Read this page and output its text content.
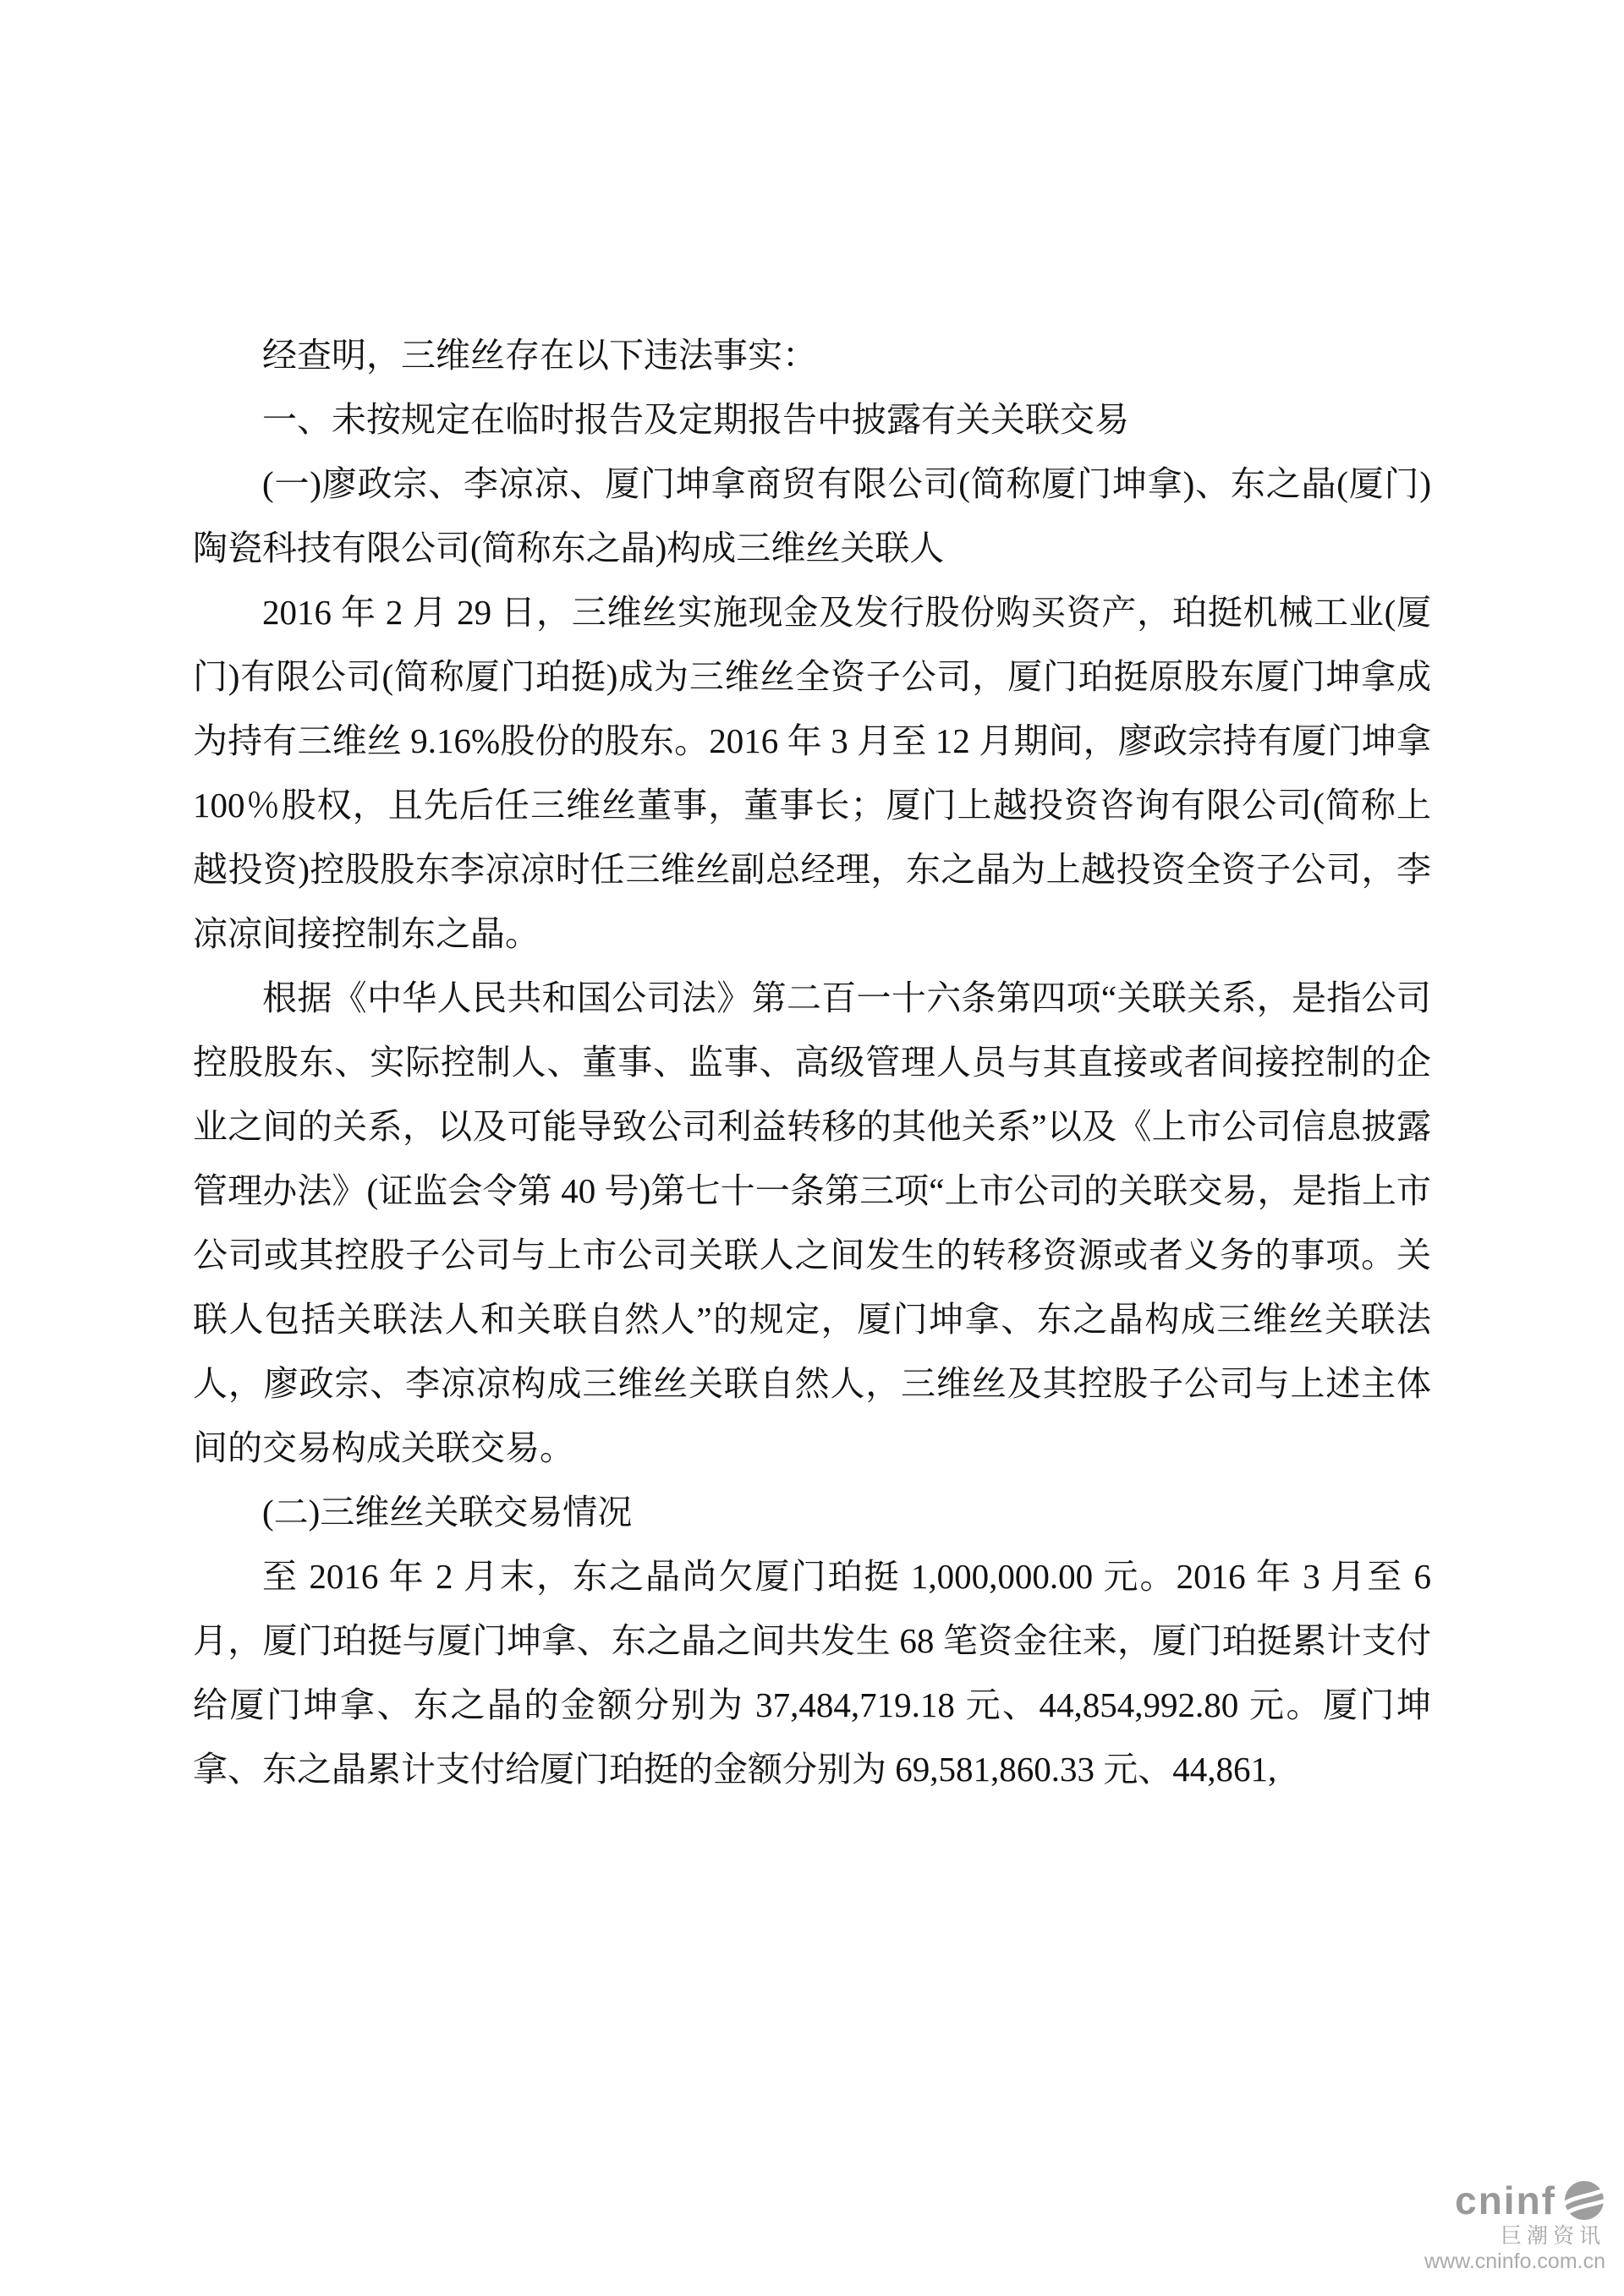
经查明，三维丝存在以下违法事实：

一、未按规定在临时报告及定期报告中披露有关关联交易

(一)廖政宗、李凉凉、厦门坤拿商贸有限公司(简称厦门坤拿)、东之晶(厦门)陶瓷科技有限公司(简称东之晶)构成三维丝关联人

2016 年 2 月 29 日，三维丝实施现金及发行股份购买资产，珀挺机械工业(厦门)有限公司(简称厦门珀挺)成为三维丝全资子公司，厦门珀挺原股东厦门坤拿成为持有三维丝 9.16%股份的股东。2016 年 3 月至 12 月期间，廖政宗持有厦门坤拿 100％股权，且先后任三维丝董事，董事长；厦门上越投资咨询有限公司(简称上越投资)控股股东李凉凉时任三维丝副总经理，东之晶为上越投资全资子公司，李凉凉间接控制东之晶。

根据《中华人民共和国公司法》第二百一十六条第四项“关联关系，是指公司控股股东、实际控制人、董事、监事、高级管理人员与其直接或者间接控制的企业之间的关系，以及可能导致公司利益转移的其他关系”以及《上市公司信息披露管理办法》(证监会令第 40 号)第七十一条第三项“上市公司的关联交易，是指上市公司或其控股子公司与上市公司关联人之间发生的转移资源或者义务的事项。关联人包括关联法人和关联自然人”的规定，厦门坤拿、东之晶构成三维丝关联法人，廖政宗、李凉凉构成三维丝关联自然人，三维丝及其控股子公司与上述主体间的交易构成关联交易。

(二)三维丝关联交易情况

至 2016 年 2 月末，东之晶尚欠厦门珀挺 1,000,000.00 元。2016 年 3 月至 6 月，厦门珀挺与厦门坤拿、东之晶之间共发生 68 笔资金往来，厦门珀挺累计支付给厦门坤拿、东之晶的金额分别为 37,484,719.18 元、44,854,992.80 元。厦门坤拿、东之晶累计支付给厦门珀挺的金额分别为 69,581,860.33 元、44,861,

cninf
巨潮资讯
www.cninfo.com.cn
